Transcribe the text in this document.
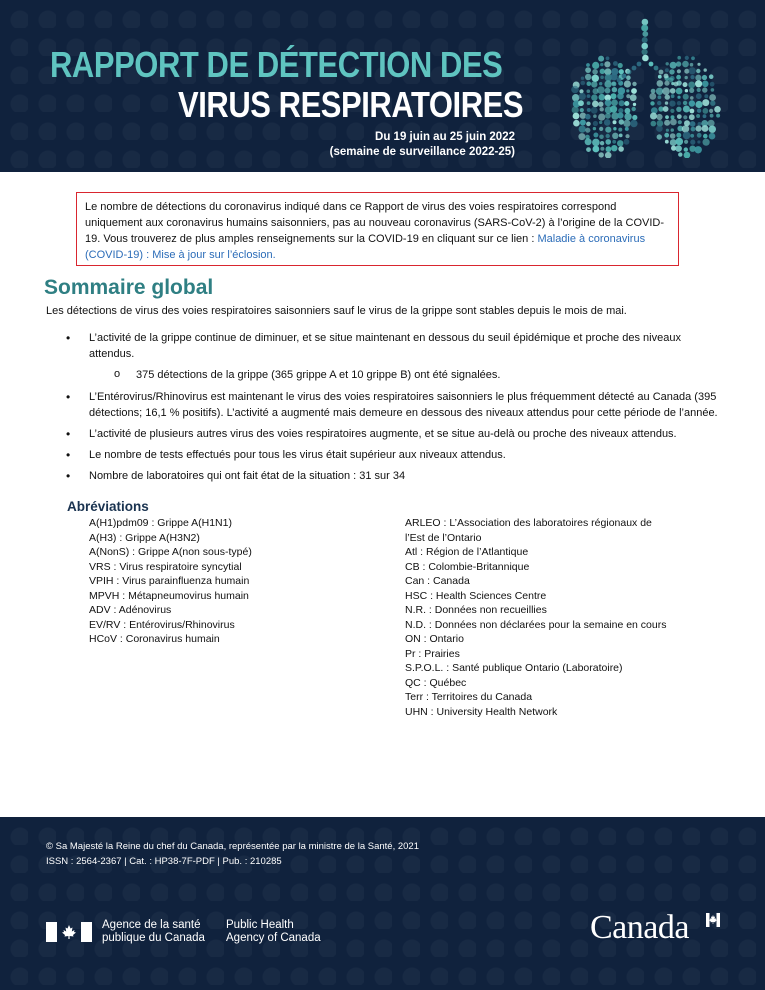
RAPPORT DE DÉTECTION DES
VIRUS RESPIRATOIRES
Du 19 juin au 25 juin 2022
(semaine de surveillance 2022-25)
Le nombre de détections du coronavirus indiqué dans ce Rapport de virus des voies respiratoires correspond uniquement aux coronavirus humains saisonniers, pas au nouveau coronavirus (SARS-CoV-2) à l’origine de la COVID-19. Vous trouverez de plus amples renseignements sur la COVID-19 en cliquant sur ce lien : Maladie à coronavirus (COVID-19) : Mise à jour sur l’éclosion.
Sommaire global
Les détections de virus des voies respiratoires saisonniers sauf le virus de la grippe sont stables depuis le mois de mai.
• L’activité de la grippe continue de diminuer, et se situe maintenant en dessous du seuil épidémique et proche des niveaux attendus.
o 375 détections de la grippe (365 grippe A et 10 grippe B) ont été signalées.
• L’Entérovirus/Rhinovirus est maintenant le virus des voies respiratoires saisonniers le plus fréquemment détecté au Canada (395 détections; 16,1 % positifs). L’activité a augmenté mais demeure en dessous des niveaux attendus pour cette période de l’année.
• L’activité de plusieurs autres virus des voies respiratoires augmente, et se situe au-delà ou proche des niveaux attendus.
• Le nombre de tests effectués pour tous les virus était supérieur aux niveaux attendus.
• Nombre de laboratoires qui ont fait état de la situation : 31 sur 34
Abréviations
A(H1)pdm09 : Grippe A(H1N1)
A(H3) : Grippe A(H3N2)
A(NonS) : Grippe A(non sous-typé)
VRS : Virus respiratoire syncytial
VPIH : Virus parainfluenza humain
MPVH : Métapneumovirus humain
ADV : Adénovirus
EV/RV : Entérovirus/Rhinovirus
HCoV : Coronavirus humain
ARLEO : L’Association des laboratoires régionaux de
l’Est de l’Ontario
Atl : Région de l’Atlantique
CB : Colombie-Britannique
Can : Canada
HSC : Health Sciences Centre
N.R. : Données non recueillies
N.D. : Données non déclarées pour la semaine en cours
ON : Ontario
Pr : Prairies
S.P.O.L. : Santé publique Ontario (Laboratoire)
QC : Québec
Terr : Territoires du Canada
UHN : University Health Network
© Sa Majesté la Reine du chef du Canada, représentée par la ministre de la Santé, 2021
ISSN : 2564-2367 | Cat. : HP38-7F-PDF | Pub. : 210285
Agence de la santé
publique du Canada
Public Health
Agency of Canada	Canada
